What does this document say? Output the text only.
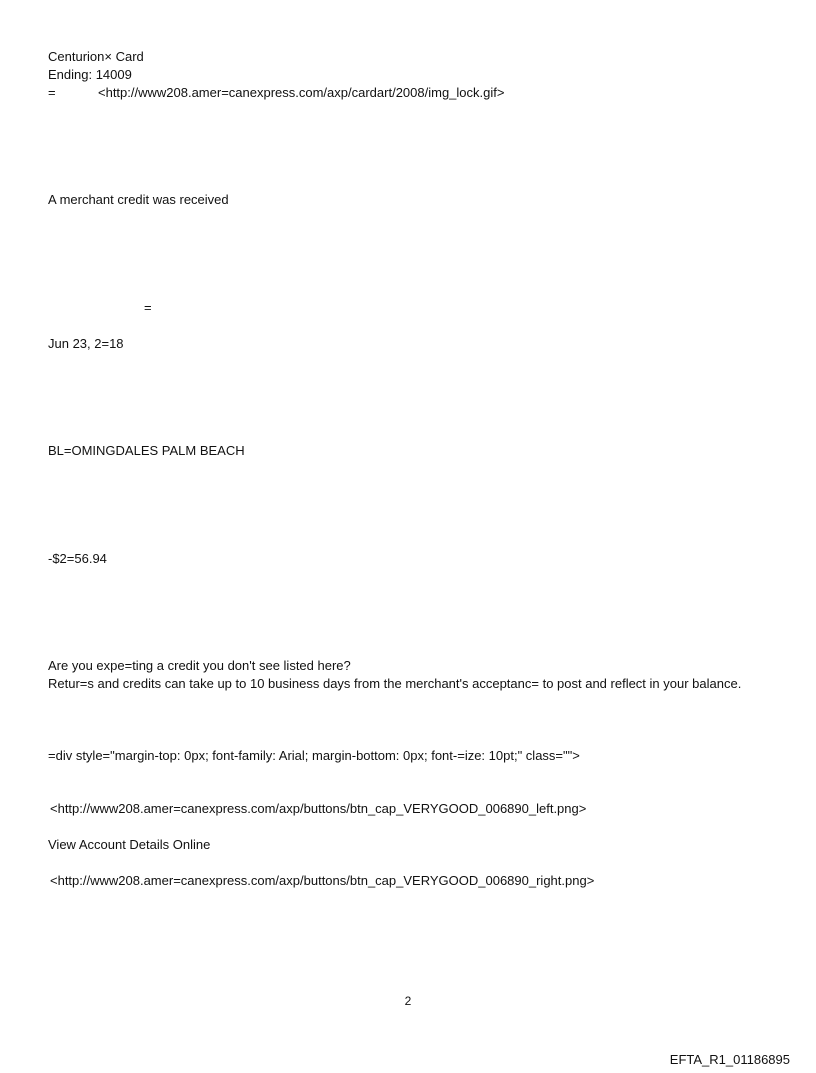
Centurion× Card
Ending: 14009
=	<http://www208.amer=canexpress.com/axp/cardart/2008/img_lock.gif>
A merchant credit was received
=
Jun 23, 2=18
BL=OMINGDALES PALM BEACH
-$2=56.94
Are you expe=ting a credit you don't see listed here?
Retur=s and credits can take up to 10 business days from the merchant's acceptanc= to post and reflect in your balance.
=div style="margin-top: 0px; font-family: Arial; margin-bottom: 0px; font-=ize: 10pt;" class="">
<http://www208.amer=canexpress.com/axp/buttons/btn_cap_VERYGOOD_006890_left.png>
View Account Details Online
<http://www208.amer=canexpress.com/axp/buttons/btn_cap_VERYGOOD_006890_right.png>
2
EFTA_R1_01186895
